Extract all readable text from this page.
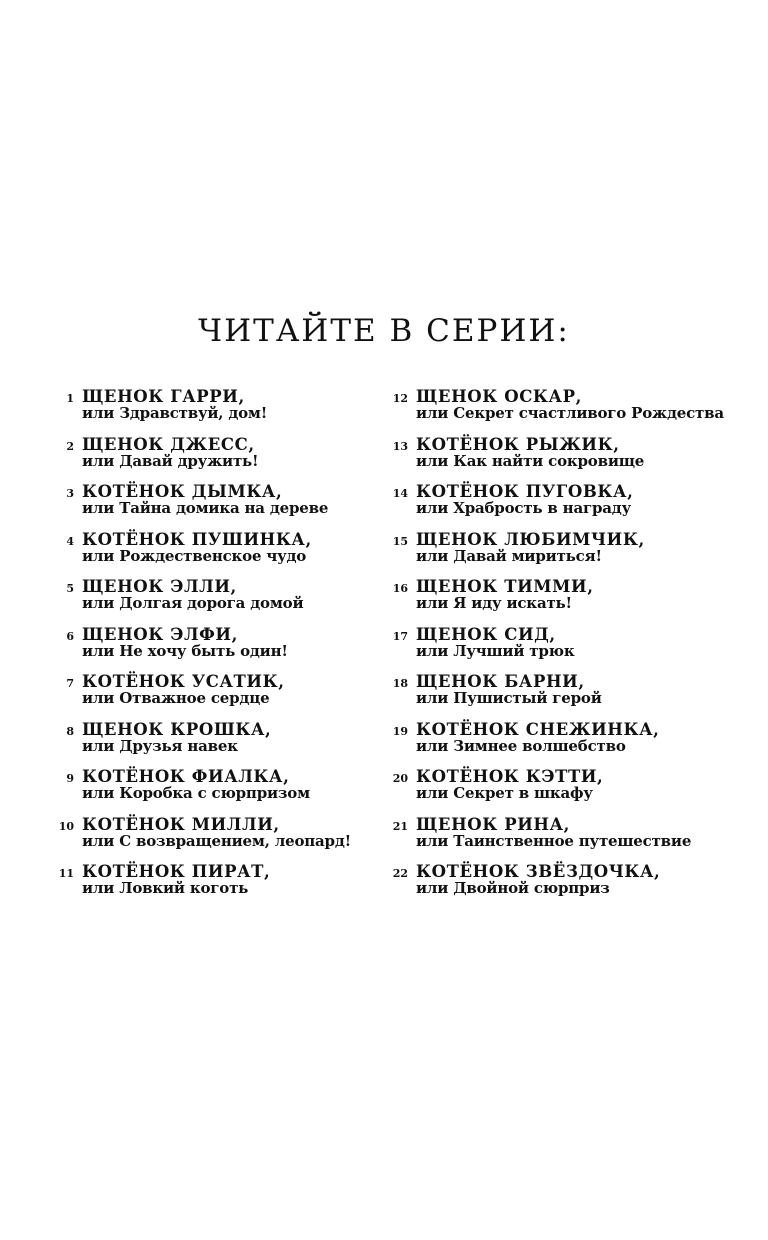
ЧИТАЙТЕ В СЕРИИ:
1 ЩЕНОК ГАРРИ,
или Здравствуй, дом!
2 ЩЕНОК ДЖЕСС,
или Давай дружить!
3 КОТЁНОК ДЫМКА,
или Тайна домика на дереве
4 КОТЁНОК ПУШИНКА,
или Рождественское чудо
5 ЩЕНОК ЭЛЛИ,
или Долгая дорога домой
6 ЩЕНОК ЭЛФИ,
или Не хочу быть один!
7 КОТЁНОК УСАТИК,
или Отважное сердце
8 ЩЕНОК КРОШКА,
или Друзья навек
9 КОТЁНОК ФИАЛКА,
или Коробка с сюрпризом
10 КОТЁНОК МИЛЛИ,
или С возвращением, леопард!
11 КОТЁНОК ПИРАТ,
или Ловкий коготь
12 ЩЕНОК ОСКАР,
или Секрет счастливого Рождества
13 КОТЁНОК РЫЖИК,
или Как найти сокровище
14 КОТЁНОК ПУГОВКА,
или Храбрость в награду
15 ЩЕНОК ЛЮБИМЧИК,
или Давай мириться!
16 ЩЕНОК ТИММИ,
или Я иду искать!
17 ЩЕНОК СИД,
или Лучший трюк
18 ЩЕНОК БАРНИ,
или Пушистый герой
19 КОТЁНОК СНЕЖИНКА,
или Зимнее волшебство
20 КОТЁНОК КЭТТИ,
или Секрет в шкафу
21 ЩЕНОК РИНА,
или Таинственное путешествие
22 КОТЁНОК ЗВЁЗДОЧКА,
или Двойной сюрприз
